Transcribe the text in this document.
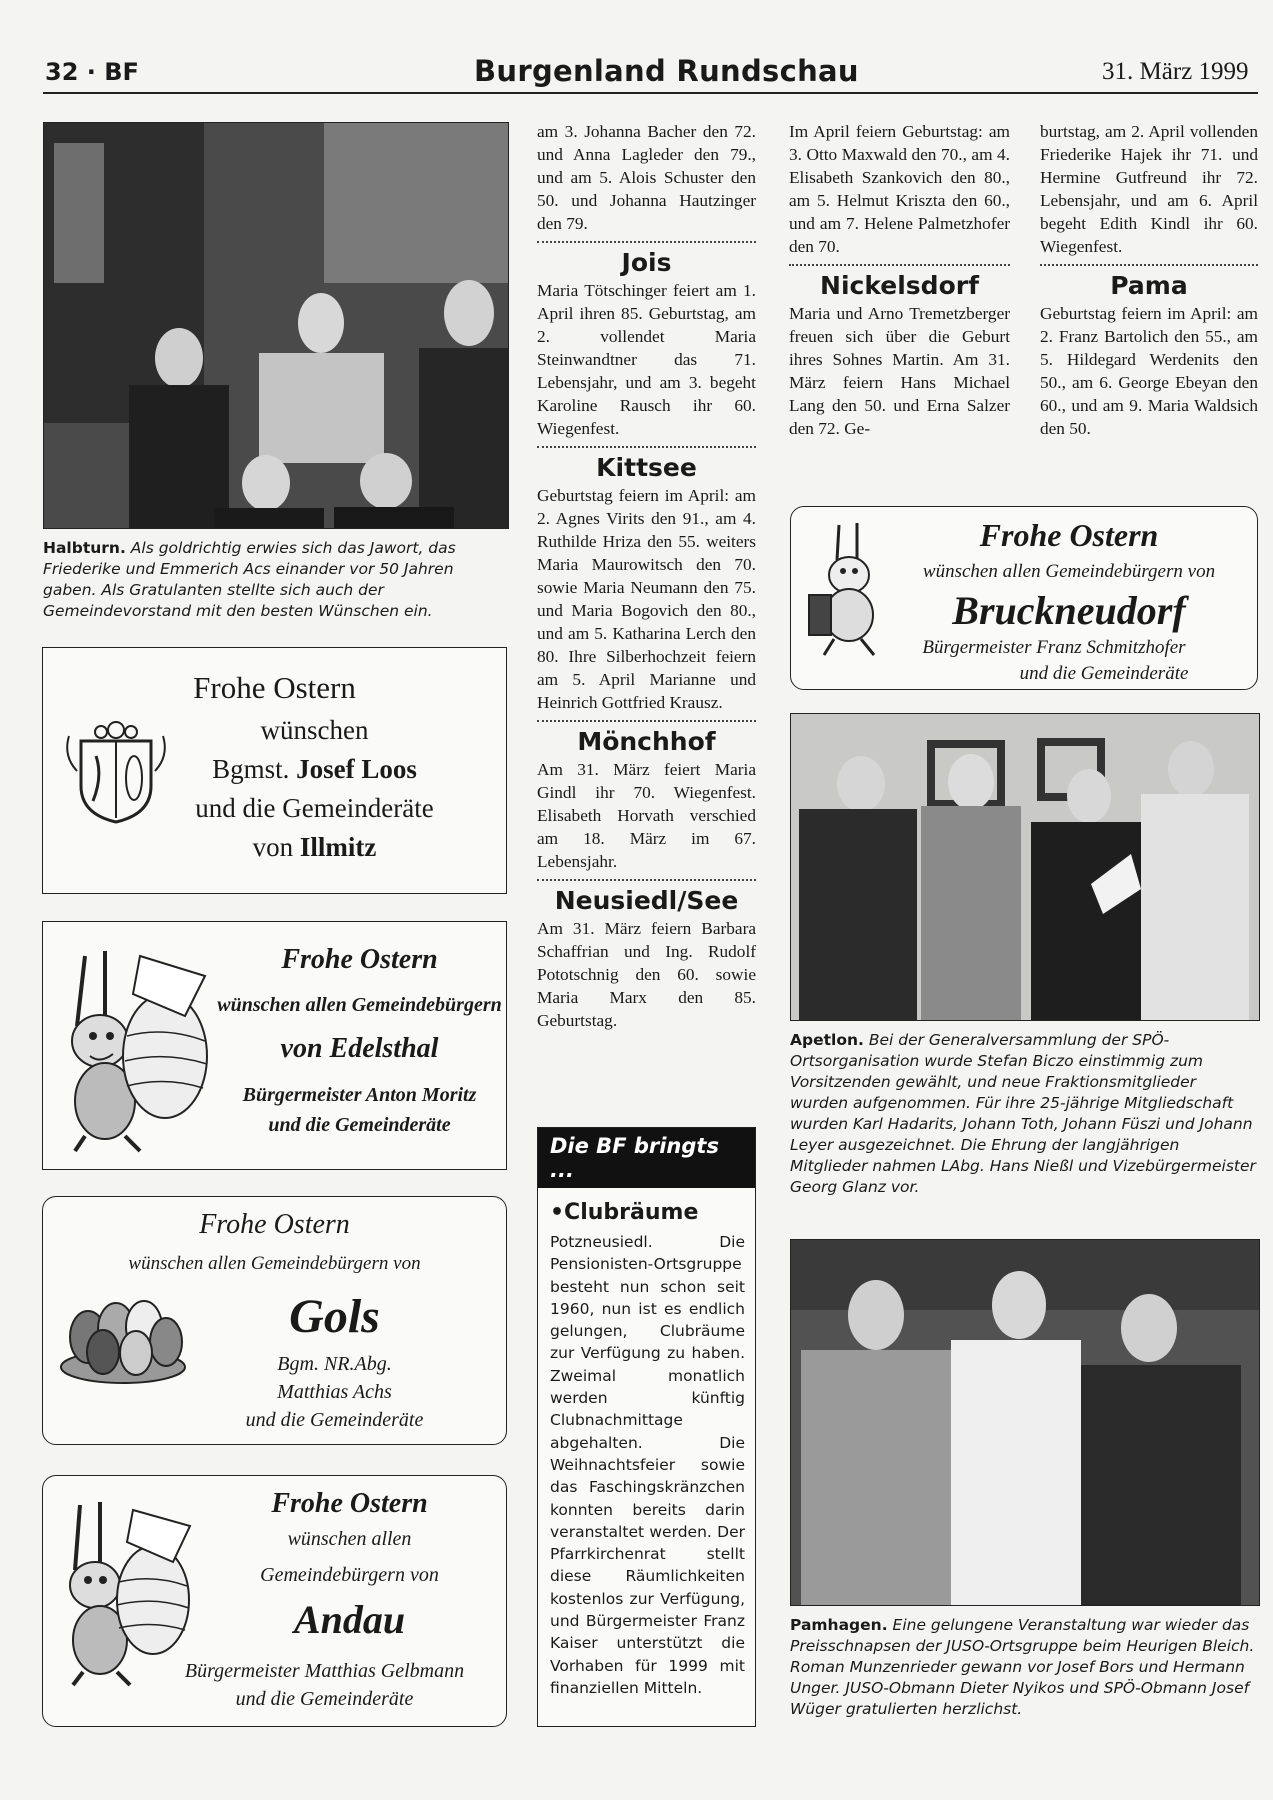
32 · BF	Burgenland Rundschau	31. März 1999
Halbturn. Als goldrichtig erwies sich das Jawort, das Friederike und Emmerich Acs einander vor 50 Jahren gaben. Als Gratulanten stellte sich auch der Gemeindevorstand mit den besten Wünschen ein.
Frohe Ostern
wünschen
Bgmst. Josef Loos
und die Gemeinderäte
von Illmitz
Frohe Ostern
wünschen allen Gemeindebürgern
von Edelsthal
Bürgermeister Anton Moritz
und die Gemeinderäte
Frohe Ostern
wünschen allen Gemeindebürgern von
Gols
Bgm. NR.Abg.
Matthias Achs
und die Gemeinderäte
Frohe Ostern
wünschen allen
Gemeindebürgern von
Andau
Bürgermeister Matthias Gelbmann
und die Gemeinderäte

am 3. Johanna Bacher den 72. und Anna Lagleder den 79., und am 5. Alois Schuster den 50. und Johanna Hautzinger den 79.

Jois

Maria Tötschinger feiert am 1. April ihren 85. Geburtstag, am 2. vollendet Maria Steinwandtner das 71. Lebensjahr, und am 3. begeht Karoline Rausch ihr 60. Wiegenfest.

Kittsee

Geburtstag feiern im April: am 2. Agnes Virits den 91., am 4. Ruthilde Hriza den 55. weiters Maria Maurowitsch den 70. sowie Maria Neumann den 75. und Maria Bogovich den 80., und am 5. Katharina Lerch den 80. Ihre Silberhochzeit feiern am 5. April Marianne und Heinrich Gottfried Krausz.

Mönchhof

Am 31. März feiert Maria Gindl ihr 70. Wiegenfest. Elisabeth Horvath verschied am 18. März im 67. Lebensjahr.

Neusiedl/See

Am 31. März feiern Barbara Schaffrian und Ing. Rudolf Pototschnig den 60. sowie Maria Marx den 85. Geburtstag.

Die BF bringts ...
•Clubräume
Potzneusiedl. Die Pensionisten-Ortsgruppe besteht nun schon seit 1960, nun ist es endlich gelungen, Clubräume zur Verfügung zu haben. Zweimal monatlich werden künftig Clubnachmittage abgehalten. Die Weihnachtsfeier sowie das Faschingskränzchen konnten bereits darin veranstaltet werden. Der Pfarrkirchenrat stellt diese Räumlichkeiten kostenlos zur Verfügung, und Bürgermeister Franz Kaiser unterstützt die Vorhaben für 1999 mit finanziellen Mitteln.

Im April feiern Geburtstag: am 3. Otto Maxwald den 70., am 4. Elisabeth Szankovich den 80., am 5. Helmut Kriszta den 60., und am 7. Helene Palmetzhofer den 70.

Nickelsdorf

Maria und Arno Tremetzberger freuen sich über die Geburt ihres Sohnes Martin. Am 31. März feiern Hans Michael Lang den 50. und Erna Salzer den 72. Ge-

burtstag, am 2. April vollenden Friederike Hajek ihr 71. und Hermine Gutfreund ihr 72. Lebensjahr, und am 6. April begeht Edith Kindl ihr 60. Wiegenfest.

Pama

Geburtstag feiern im April: am 2. Franz Bartolich den 55., am 5. Hildegard Werdenits den 50., am 6. George Ebeyan den 60., und am 9. Maria Waldsich den 50.

Frohe Ostern
wünschen allen Gemeindebürgern von
Bruckneudorf
Bürgermeister Franz Schmitzhofer
und die Gemeinderäte
Apetlon. Bei der Generalversammlung der SPÖ-Ortsorganisation wurde Stefan Biczo einstimmig zum Vorsitzenden gewählt, und neue Fraktionsmitglieder wurden aufgenommen. Für ihre 25-jährige Mitgliedschaft wurden Karl Hadarits, Johann Toth, Johann Füszi und Johann Leyer ausgezeichnet. Die Ehrung der langjährigen Mitglieder nahmen LAbg. Hans Nießl und Vizebürgermeister Georg Glanz vor.
Pamhagen. Eine gelungene Veranstaltung war wieder das Preisschnapsen der JUSO-Ortsgruppe beim Heurigen Bleich. Roman Munzenrieder gewann vor Josef Bors und Hermann Unger. JUSO-Obmann Dieter Nyikos und SPÖ-Obmann Josef Wüger gratulierten herzlichst.
